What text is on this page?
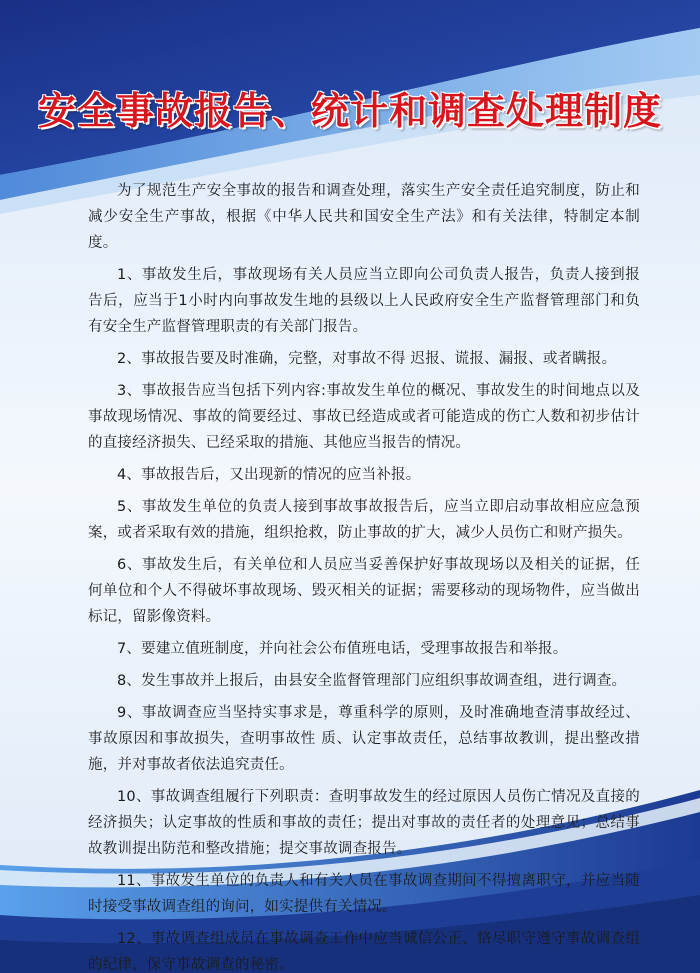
安全事故报告、统计和调查处理制度

为了规范生产安全事故的报告和调查处理，落实生产安全责任追究制度，防止和减少安全生产事故，根据《中华人民共和国安全生产法》和有关法律，特制定本制度。

1、事故发生后，事故现场有关人员应当立即向公司负责人报告，负责人接到报告后，应当于1小时内向事故发生地的县级以上人民政府安全生产监督管理部门和负有安全生产监督管理职责的有关部门报告。

2、事故报告要及时准确，完整，对事故不得 迟报、谎报、漏报、或者瞒报。

3、事故报告应当包括下列内容:事故发生单位的概况、事故发生的时间地点以及事故现场情况、事故的简要经过、事故已经造成或者可能造成的伤亡人数和初步估计的直接经济损失、已经采取的措施、其他应当报告的情况。

4、事故报告后，又出现新的情况的应当补报。

5、事故发生单位的负责人接到事故事故报告后，应当立即启动事故相应应急预案，或者采取有效的措施，组织抢救，防止事故的扩大，减少人员伤亡和财产损失。

6、事故发生后，有关单位和人员应当妥善保护好事故现场以及相关的证据，任何单位和个人不得破坏事故现场、毁灭相关的证据；需要移动的现场物件，应当做出标记，留影像资料。

7、要建立值班制度，并向社会公布值班电话，受理事故报告和举报。

8、发生事故并上报后，由县安全监督管理部门应组织事故调查组，进行调查。

9、事故调查应当坚持实事求是，尊重科学的原则，及时准确地查清事故经过、事故原因和事故损失，查明事故性 质、认定事故责任，总结事故教训，提出整改措施，并对事故者依法追究责任。

10、事故调查组履行下列职责：查明事故发生的经过原因人员伤亡情况及直接的经济损失；认定事故的性质和事故的责任；提出对事故的责任者的处理意见；总结事故教训提出防范和整改措施；提交事故调查报告。

11、事故发生单位的负责人和有关人员在事故调查期间不得擅离职守，并应当随时接受事故调查组的询问，如实提供有关情况。

12、事故调查组成员在事故调查工作中应当诚信公正、恪尽职守遵守事故调查组的纪律，保守事故调查的秘密。
